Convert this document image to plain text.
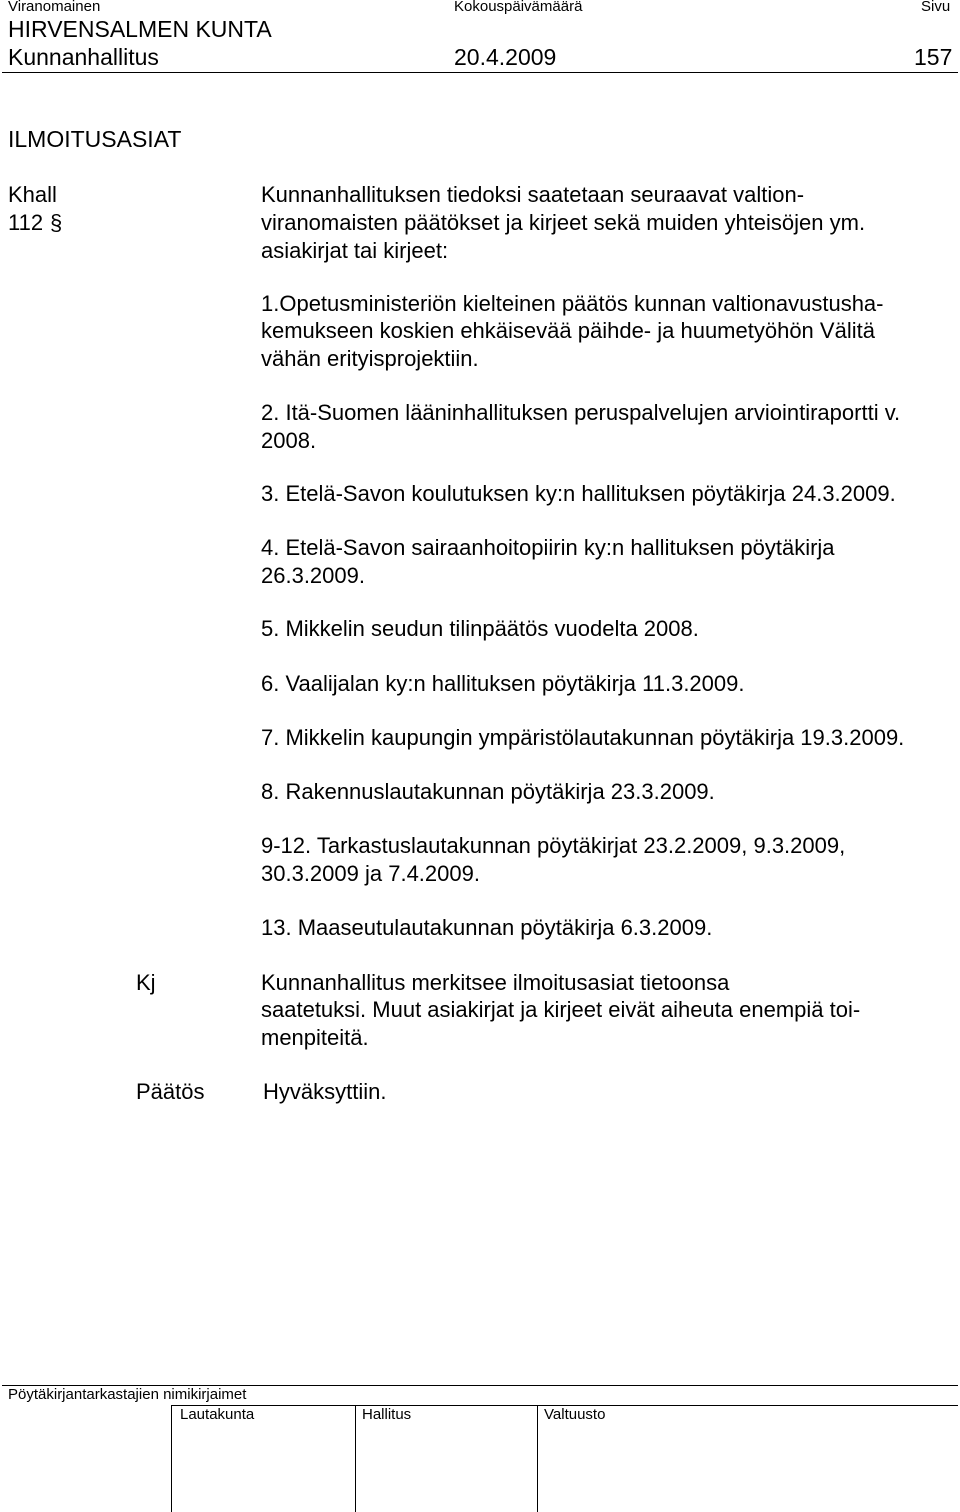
Viranomainen	Kokouspäivämäärä	Sivu
HIRVENSALMEN KUNTA
Kunnanhallitus	20.4.2009	157
ILMOITUSASIAT
Khall
112 §
Kunnanhallituksen tiedoksi saatetaan seuraavat valtion-
viranomaisten päätökset ja kirjeet sekä muiden yhteisöjen ym.
asiakirjat tai kirjeet:
1.Opetusministeriön kielteinen päätös kunnan valtionavustusha-
kemukseen koskien ehkäisevää päihde- ja huumetyöhön Välitä
vähän erityisprojektiin.
2. Itä-Suomen lääninhallituksen peruspalvelujen arviointiraportti v.
2008.
3. Etelä-Savon koulutuksen ky:n hallituksen pöytäkirja 24.3.2009.
4. Etelä-Savon sairaanhoitopiirin ky:n hallituksen pöytäkirja
26.3.2009.
5. Mikkelin seudun tilinpäätös vuodelta 2008.
6. Vaalijalan ky:n hallituksen pöytäkirja 11.3.2009.
7. Mikkelin kaupungin ympäristölautakunnan pöytäkirja 19.3.2009.
8. Rakennuslautakunnan pöytäkirja 23.3.2009.
9-12. Tarkastuslautakunnan pöytäkirjat 23.2.2009, 9.3.2009,
30.3.2009 ja 7.4.2009.
13. Maaseutulautakunnan pöytäkirja 6.3.2009.
Kj	Kunnanhallitus merkitsee ilmoitusasiat tietoonsa
saatetuksi. Muut asiakirjat ja kirjeet eivät aiheuta enempiä toi-
menpiteitä.
Päätös	Hyväksyttiin.
Pöytäkirjantarkastajien nimikirjaimet
Lautakunta	Hallitus	Valtuusto
